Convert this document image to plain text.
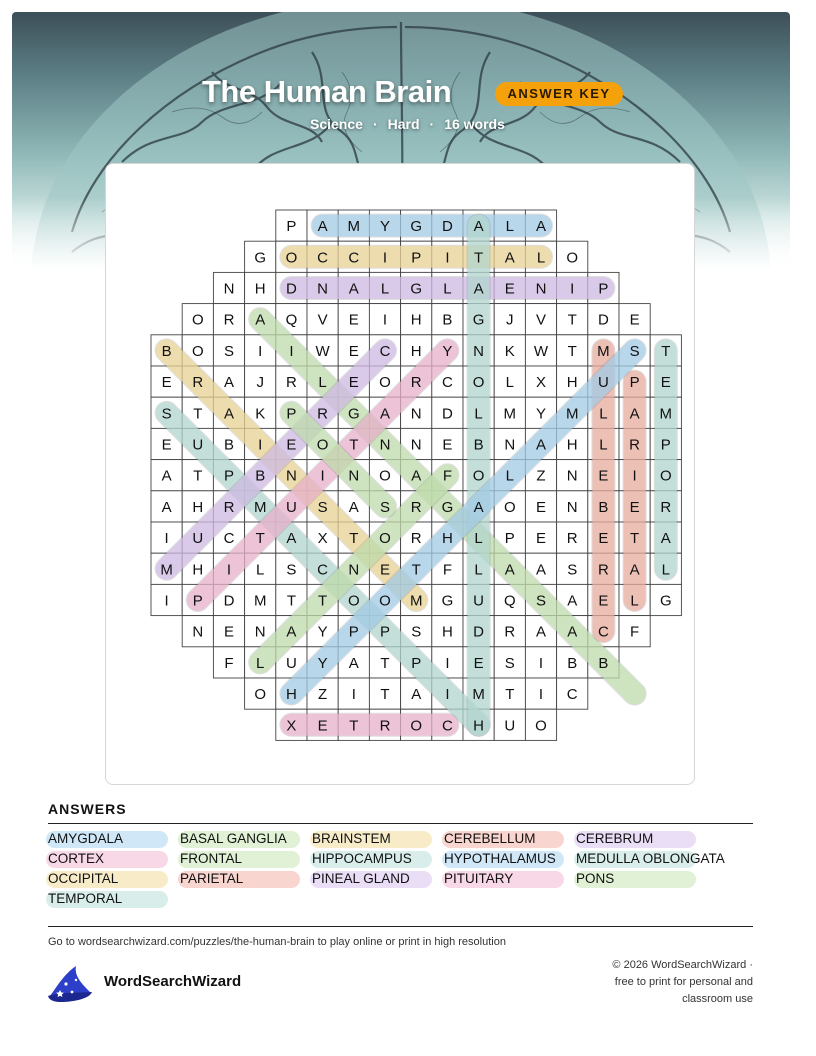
The Human Brain	ANSWER KEY
Science · Hard · 16 words
P A M Y G D A L A
G O C C I P I T A L O
N H D N A L G L A E N I P
O R A Q V E I H B G J V T D E
B O S I I W E C H Y N K W T M S T
E R A J R L E O R C O L X H U P E
S T A K P R G A N D L M Y M L A M
E U B I E O T N N E B N A H L R P
A T P B N I N O A F O L Z N E I O
A H R M U S A S R G A O E N B E R
I U C T A X T O R H L P E R E T A
M H I L S C N E T F L A A S R A L
I P D M T T O O M G U Q S A E L G
N E N A Y P P S H D R A A C F
F L U Y A T P I E S I B B
O H Z I T A I M T I C
X E T R O C H U O
ANSWERS
AMYGDALA	BASAL GANGLIA	BRAINSTEM	CEREBELLUM	CEREBRUM
CORTEX	FRONTAL	HIPPOCAMPUS	HYPOTHALAMUS	MEDULLA OBLONGATA
OCCIPITAL	PARIETAL	PINEAL GLAND	PITUITARY	PONS
TEMPORAL
Go to wordsearchwizard.com/puzzles/the-human-brain to play online or print in high resolution
WordSearchWizard
© 2026 WordSearchWizard ·
free to print for personal and
classroom use
